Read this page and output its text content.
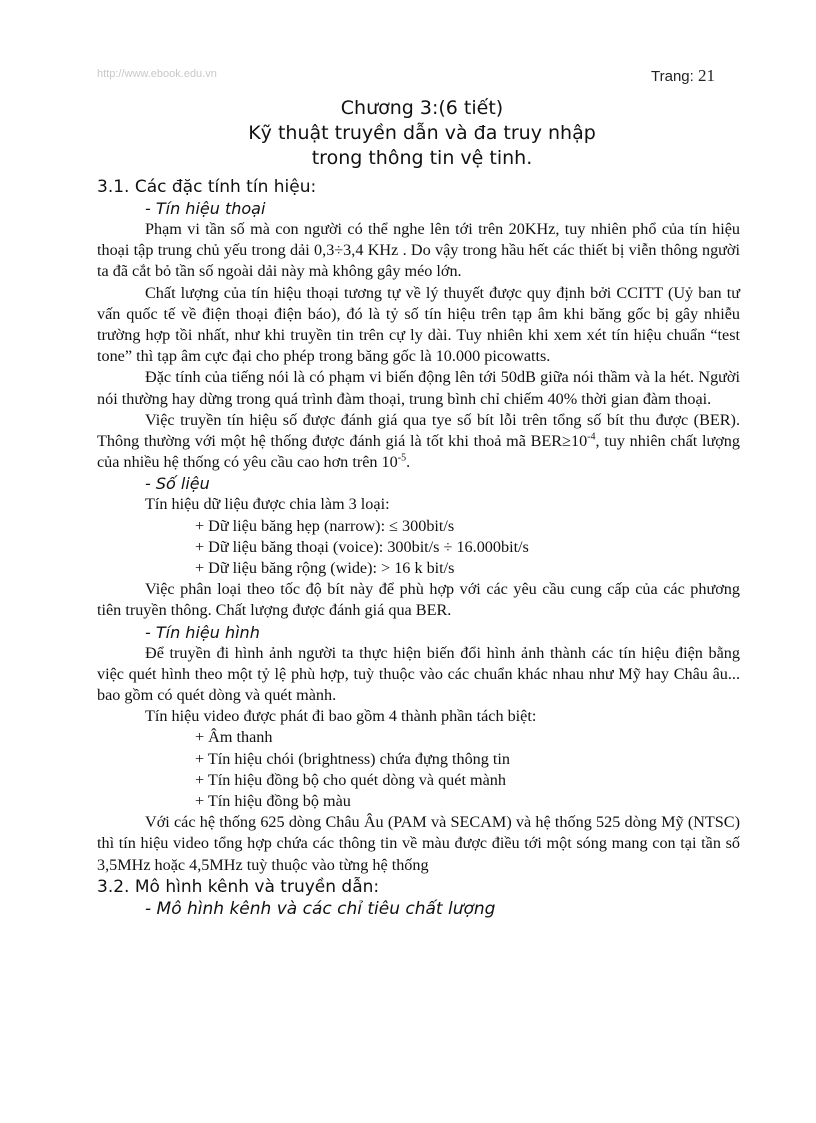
http://www.ebook.edu.vn	Trang: 21
Chương 3:(6 tiết)
Kỹ thuật truyền dẫn và đa truy nhập
trong thông tin vệ tinh.

3.1. Các đặc tính tín hiệu:

- Tín hiệu thoại

Phạm vi tần số mà con người có thể nghe lên tới trên 20KHz, tuy nhiên phổ của tín hiệu thoại tập trung chủ yếu trong dải 0,3÷3,4 KHz . Do vậy trong hầu hết các thiết bị viễn thông người ta đã cắt bỏ tần số ngoài dải này mà không gây méo lớn.

Chất lượng của tín hiệu thoại tương tự về lý thuyết được quy định bởi CCITT (Uỷ ban tư vấn quốc tế về điện thoại điện báo), đó là tỷ số tín hiệu trên tạp âm khi băng gốc bị gây nhiễu trường hợp tồi nhất, như khi truyền tin trên cự ly dài. Tuy nhiên khi xem xét tín hiệu chuẩn “test tone” thì tạp âm cực đại cho phép trong băng gốc là 10.000 picowatts.

Đặc tính của tiếng nói là có phạm vi biến động lên tới 50dB giữa nói thầm và la hét. Người nói thường hay dừng trong quá trình đàm thoại, trung bình chỉ chiếm 40% thời gian đàm thoại.

Việc truyền tín hiệu số được đánh giá qua tye số bít lỗi trên tổng số bít thu được (BER). Thông thường với một hệ thống được đánh giá là tốt khi thoả mã $BER\ge 10^{-4}$, tuy nhiên chất lượng của nhiều hệ thống có yêu cầu cao hơn trên $10^{-5}$.

- Số liệu

Tín hiệu dữ liệu được chia làm 3 loại:

+ Dữ liệu băng hẹp (narrow): ≤ 300bit/s

+ Dữ liệu băng thoại (voice): 300bit/s ÷ 16.000bit/s

+ Dữ liệu băng rộng (wide): > 16 k bit/s

Việc phân loại theo tốc độ bít này để phù hợp với các yêu cầu cung cấp của các phương tiên truyền thông. Chất lượng được đánh giá qua BER.

- Tín hiệu hình

Để truyền đi hình ảnh người ta thực hiện biến đổi hình ảnh thành các tín hiệu điện bằng việc quét hình theo một tỷ lệ phù hợp, tuỳ thuộc vào các chuẩn khác nhau như Mỹ hay Châu âu... bao gồm có quét dòng và quét mành.

Tín hiệu video được phát đi bao gồm 4 thành phần tách biệt:

+ Âm thanh

+ Tín hiệu chói (brightness) chứa đựng thông tin

+ Tín hiệu đồng bộ cho quét dòng và quét mành

+ Tín hiệu đồng bộ màu

Với các hệ thống 625 dòng Châu Âu (PAM và SECAM) và hệ thống 525 dòng Mỹ (NTSC) thì tín hiệu video tổng hợp chứa các thông tin về màu được điều tới một sóng mang con tại tần số 3,5MHz hoặc 4,5MHz tuỳ thuộc vào từng hệ thống

3.2. Mô hình kênh và truyền dẫn:

- Mô hình kênh và các chỉ tiêu chất lượng
